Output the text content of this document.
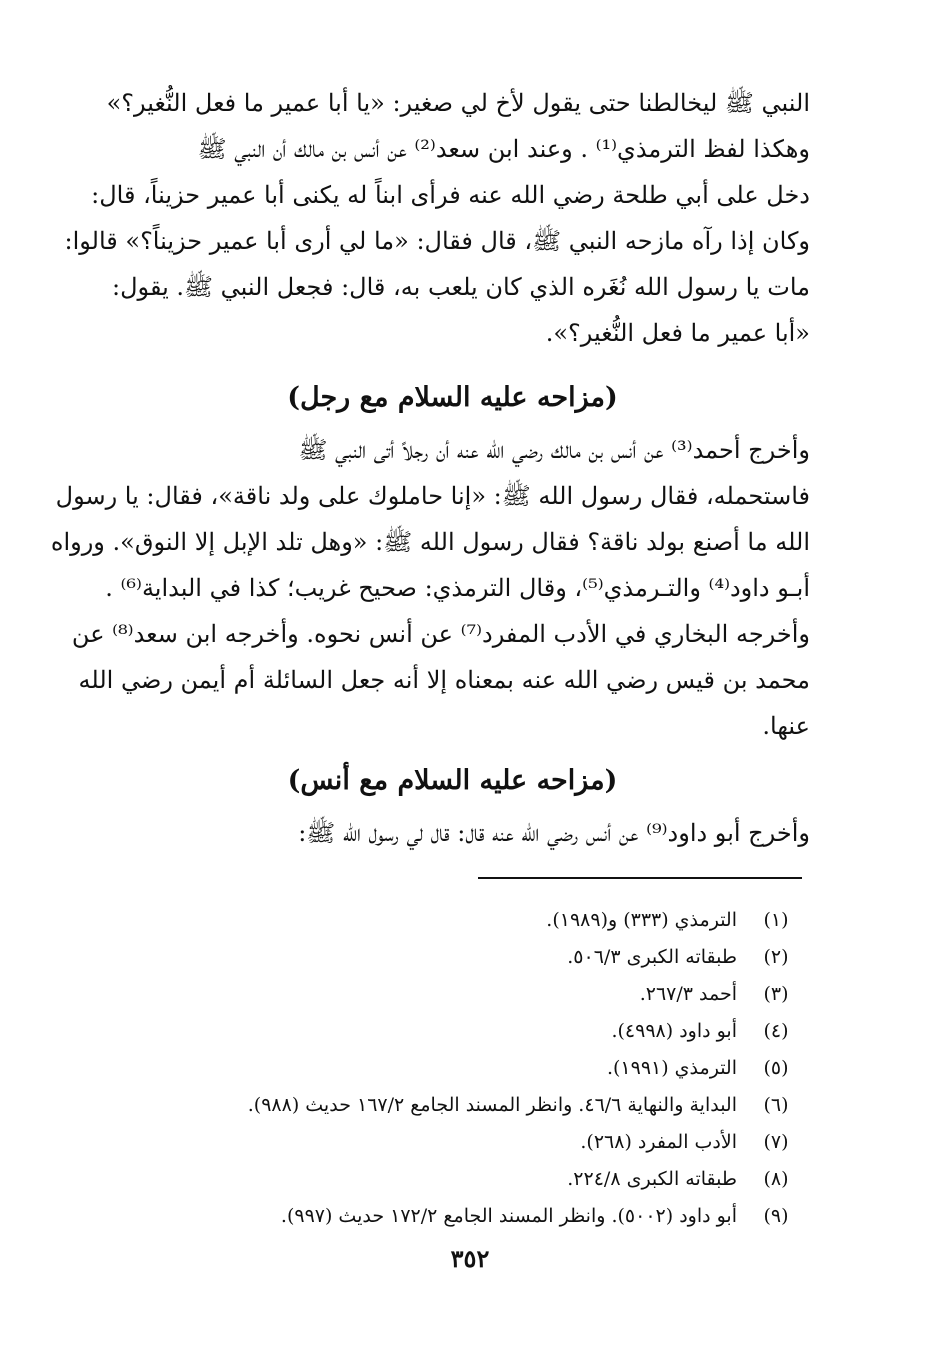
النبي ﷺ ليخالطنا حتى يقول لأخ لي صغير: «يا أبا عمير ما فعل النُّغير؟»
وهكذا لفظ الترمذي⁽¹⁾ . وعند ابن سعد⁽²⁾ عن أنس بن مالك أن النبي ﷺ
دخل على أبي طلحة رضي الله عنه فرأى ابناً له يكنى أبا عمير حزيناً، قال:
وكان إذا رآه مازحه النبي ﷺ، قال فقال: «ما لي أرى أبا عمير حزيناً؟» قالوا:
مات يا رسول الله نُغَره الذي كان يلعب به، قال: فجعل النبي ﷺ. يقول:
«أبا عمير ما فعل النُّغير؟».
(مزاحه عليه السلام مع رجل)
وأخرج أحمد⁽³⁾ عن أنس بن مالك رضي الله عنه أن رجلاً أتى النبي ﷺ
فاستحمله، فقال رسول الله ﷺ: «إنا حاملوك على ولد ناقة»، فقال: يا رسول
الله ما أصنع بولد ناقة؟ فقال رسول الله ﷺ: «وهل تلد الإبل إلا النوق». ورواه
أبـو داود⁽⁴⁾ والتـرمذي⁽⁵⁾، وقال الترمذي: صحيح غريب؛ كذا في البداية⁽⁶⁾ .
وأخرجه البخاري في الأدب المفرد⁽⁷⁾ عن أنس نحوه. وأخرجه ابن سعد⁽⁸⁾ عن
محمد بن قيس رضي الله عنه بمعناه إلا أنه جعل السائلة أم أيمن رضي الله
عنها.
(مزاحه عليه السلام مع أنس)
وأخرج أبو داود⁽⁹⁾ عن أنس رضي الله عنه قال: قال لي رسول الله ﷺ:
(١)
الترمذي (٣٣٣) و(١٩٨٩).
(٢)
طبقاته الكبرى ٥٠٦/٣.
(٣)
أحمد ٢٦٧/٣.
(٤)
أبو داود (٤٩٩٨).
(٥)
الترمذي (١٩٩١).
(٦)
البداية والنهاية ٤٦/٦. وانظر المسند الجامع ١٦٧/٢ حديث (٩٨٨).
(٧)
الأدب المفرد (٢٦٨).
(٨)
طبقاته الكبرى ٢٢٤/٨.
(٩)
أبو داود (٥٠٠٢). وانظر المسند الجامع ١٧٢/٢ حديث (٩٩٧).
٣٥٢
